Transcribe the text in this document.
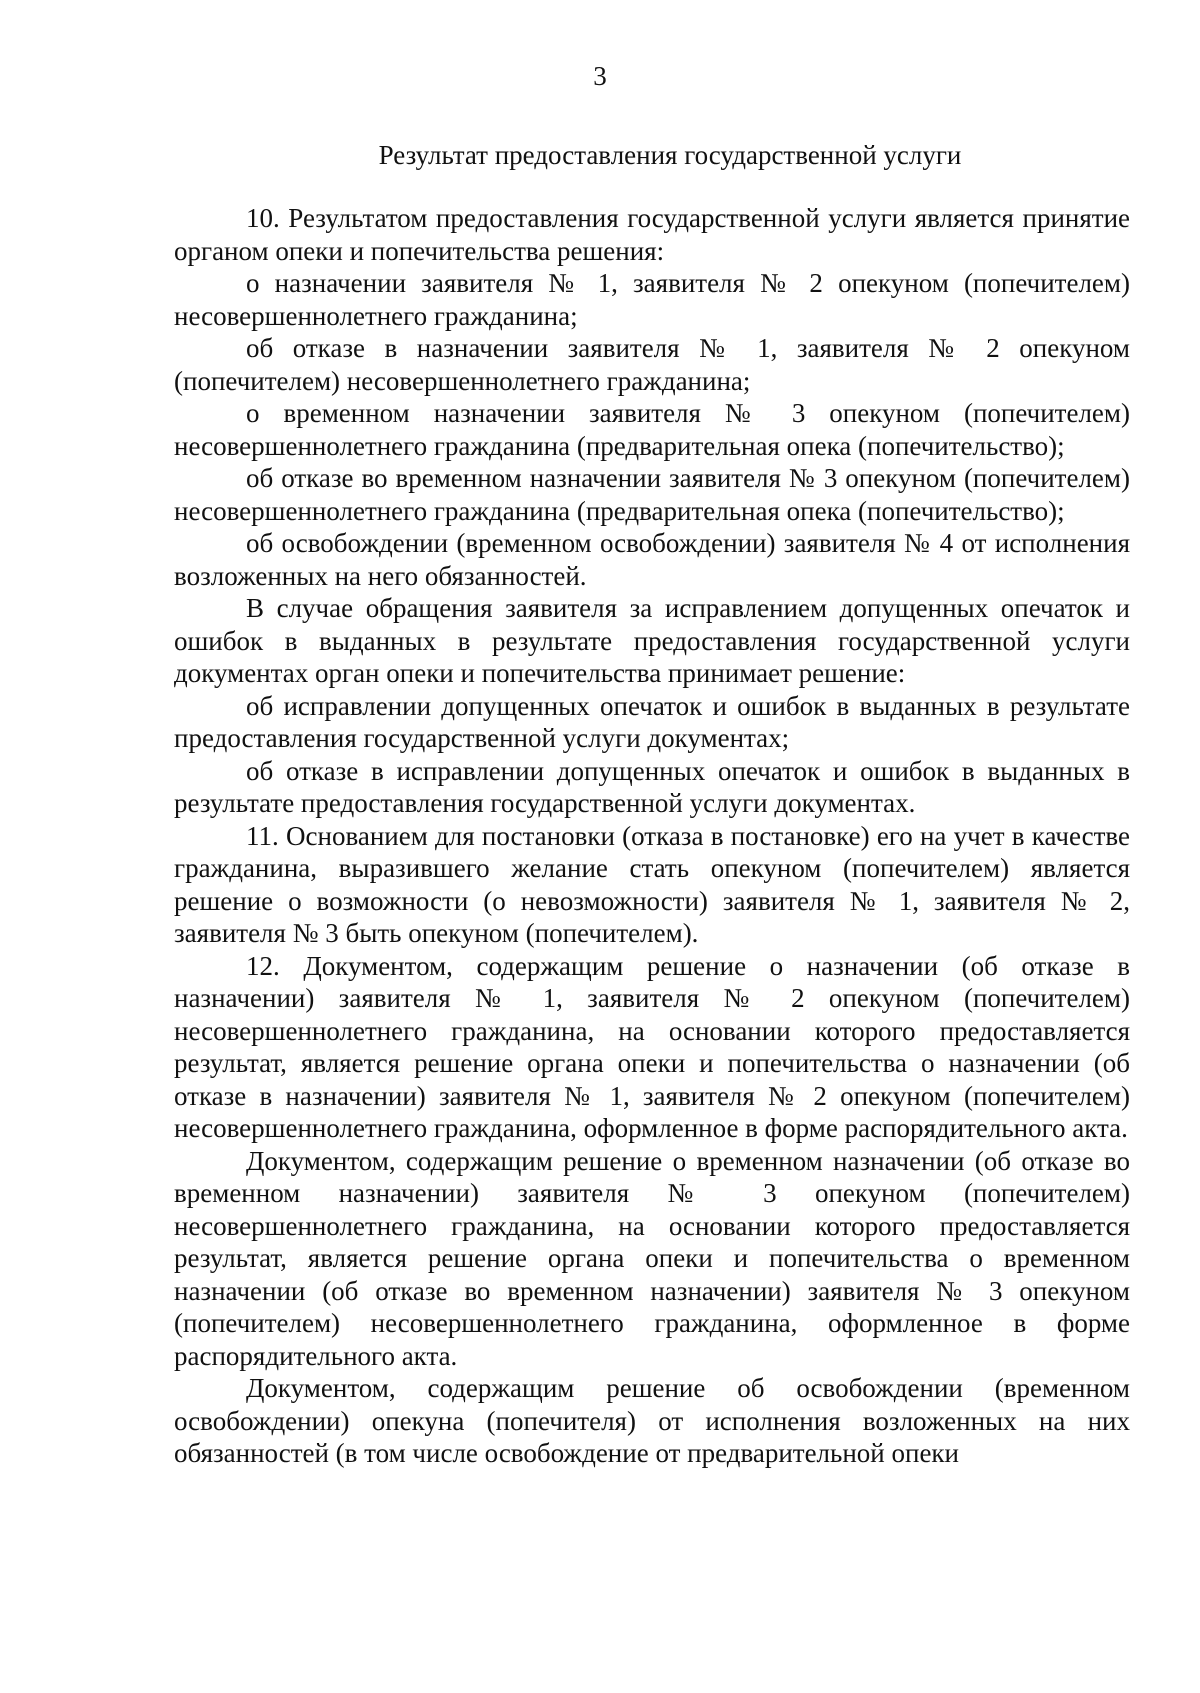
3
Результат предоставления государственной услуги

10. Результатом предоставления государственной услуги является принятие органом опеки и попечительства решения:

о назначении заявителя № 1, заявителя № 2 опекуном (попечителем) несовершеннолетнего гражданина;

об отказе в назначении заявителя № 1, заявителя № 2 опекуном (попечителем) несовершеннолетнего гражданина;

о временном назначении заявителя № 3 опекуном (попечителем) несовершеннолетнего гражданина (предварительная опека (попечительство);

об отказе во временном назначении заявителя № 3 опекуном (попечителем) несовершеннолетнего гражданина (предварительная опека (попечительство);

об освобождении (временном освобождении) заявителя № 4 от исполнения возложенных на него обязанностей.

В случае обращения заявителя за исправлением допущенных опечаток и ошибок в выданных в результате предоставления государственной услуги документах орган опеки и попечительства принимает решение:

об исправлении допущенных опечаток и ошибок в выданных в результате предоставления государственной услуги документах;

об отказе в исправлении допущенных опечаток и ошибок в выданных в результате предоставления государственной услуги документах.

11. Основанием для постановки (отказа в постановке) его на учет в качестве гражданина, выразившего желание стать опекуном (попечителем) является решение о возможности (о невозможности) заявителя № 1, заявителя № 2, заявителя № 3 быть опекуном (попечителем).

12. Документом, содержащим решение о назначении (об отказе в назначении) заявителя № 1, заявителя № 2 опекуном (попечителем) несовершеннолетнего гражданина, на основании которого предоставляется результат, является решение органа опеки и попечительства о назначении (об отказе в назначении) заявителя № 1, заявителя № 2 опекуном (попечителем) несовершеннолетнего гражданина, оформленное в форме распорядительного акта.

Документом, содержащим решение о временном назначении (об отказе во временном назначении) заявителя № 3 опекуном (попечителем) несовершеннолетнего гражданина, на основании которого предоставляется результат, является решение органа опеки и попечительства о временном назначении (об отказе во временном назначении) заявителя № 3 опекуном (попечителем) несовершеннолетнего гражданина, оформленное в форме распорядительного акта.

Документом, содержащим решение об освобождении (временном освобождении) опекуна (попечителя) от исполнения возложенных на них обязанностей (в том числе освобождение от предварительной опеки
